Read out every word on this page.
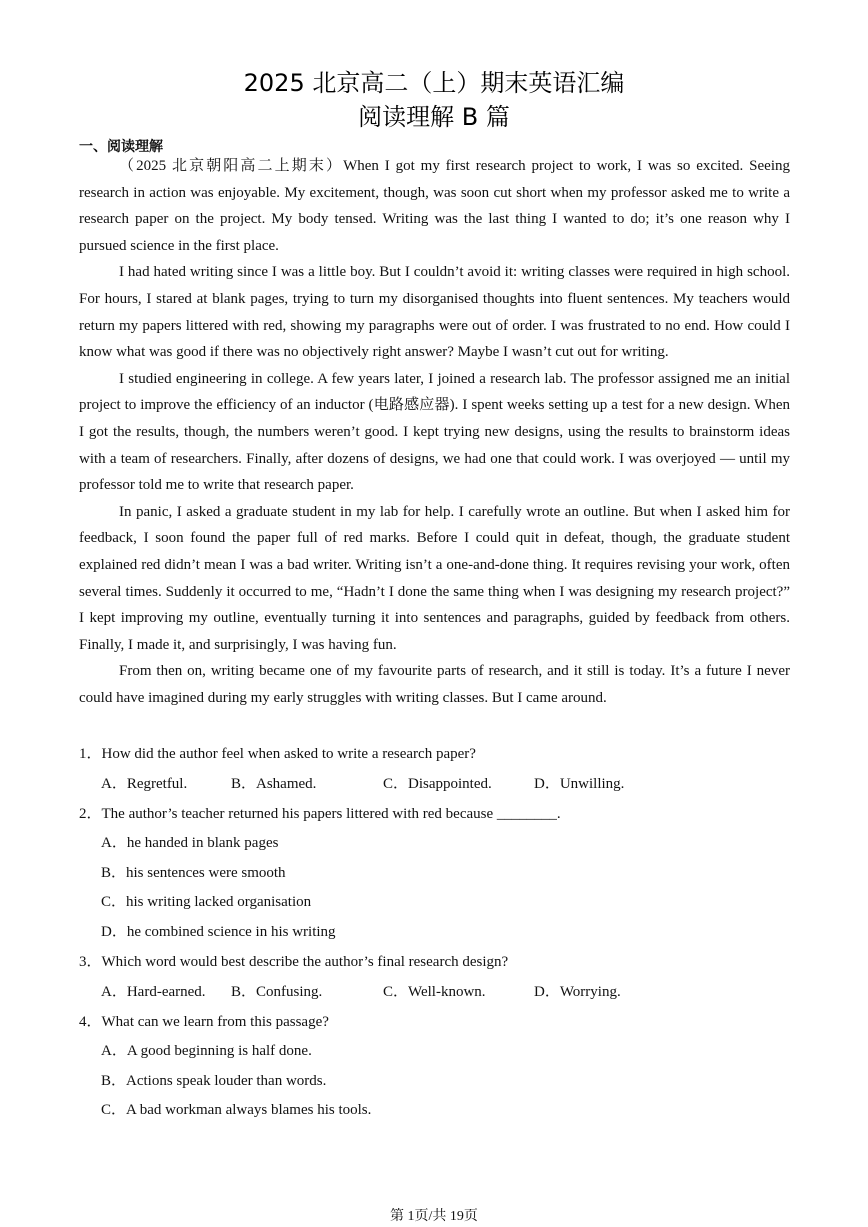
2025 北京高二（上）期末英语汇编
阅读理解 B 篇
一、阅读理解

（2025 北京朝阳高二上期末）When I got my first research project to work, I was so excited. Seeing research in action was enjoyable. My excitement, though, was soon cut short when my professor asked me to write a research paper on the project. My body tensed. Writing was the last thing I wanted to do; it’s one reason why I pursued science in the first place.

I had hated writing since I was a little boy. But I couldn’t avoid it: writing classes were required in high school. For hours, I stared at blank pages, trying to turn my disorganised thoughts into fluent sentences. My teachers would return my papers littered with red, showing my paragraphs were out of order. I was frustrated to no end. How could I know what was good if there was no objectively right answer? Maybe I wasn’t cut out for writing.

I studied engineering in college. A few years later, I joined a research lab. The professor assigned me an initial project to improve the efficiency of an inductor (电路感应器). I spent weeks setting up a test for a new design. When I got the results, though, the numbers weren’t good. I kept trying new designs, using the results to brainstorm ideas with a team of researchers. Finally, after dozens of designs, we had one that could work. I was overjoyed — until my professor told me to write that research paper.

In panic, I asked a graduate student in my lab for help. I carefully wrote an outline. But when I asked him for feedback, I soon found the paper full of red marks. Before I could quit in defeat, though, the graduate student explained red didn’t mean I was a bad writer. Writing isn’t a one-and-done thing. It requires revising your work, often several times. Suddenly it occurred to me, “Hadn’t I done the same thing when I was designing my research project?” I kept improving my outline, eventually turning it into sentences and paragraphs, guided by feedback from others. Finally, I made it, and surprisingly, I was having fun.

From then on, writing became one of my favourite parts of research, and it still is today. It’s a future I never could have imagined during my early struggles with writing classes. But I came around.

1．How did the author feel when asked to write a research paper?
A．Regretful.	B．Ashamed.	C．Disappointed.	D．Unwilling.
2．The author’s teacher returned his papers littered with red because ________.
A．he handed in blank pages
B．his sentences were smooth
C．his writing lacked organisation
D．he combined science in his writing
3．Which word would best describe the author’s final research design?
A．Hard-earned.	B．Confusing.	C．Well-known.	D．Worrying.
4．What can we learn from this passage?
A．A good beginning is half done.
B．Actions speak louder than words.
C．A bad workman always blames his tools.
第 1页/共 19页
